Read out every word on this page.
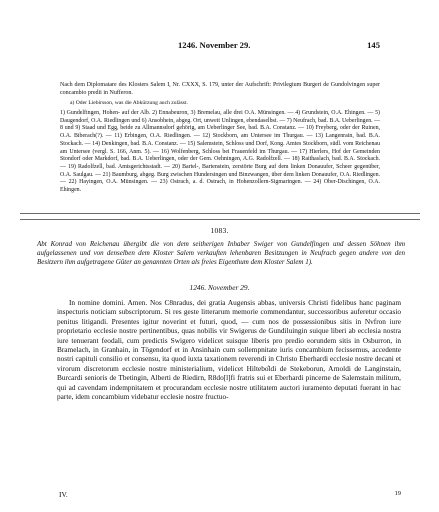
1246. November 29.	145
Nach dem Diplomatare des Klosters Salem I, Nr. CXXX, S. 179, unter der Aufschrift: Privilegium Burgeri de Gundolvingen super concambio predii in Nufferon.
a) Oder Liebirsson, was die Abkürzung auch zulässt.
1) Gundelfingen, Hohen- auf der Alb. 2) Ennabeuron, 3) Bremelau, alle drei O.A. Münsingen. — 4) Grundstein, O.A. Ehingen. — 5) Daugendorf, O.A. Riedlingen und 6) Ansobhein, abgeg. Ort, unweit Unlingen, ebendaselbst. — 7) Neufrach, bad. B.A. Ueberlingen. — 8 und 9) Staad und Egg, beide zu Allmannsdorf gehörig, am Ueberlinger See, bad. B.A. Constanz. — 10) Freyberg, oder der Ruinen, O.A. Biberach(?). — 11) Erbingen, O.A. Riedlingen. — 12) Stockborn, am Untersee im Thurgau. — 13) Langenrain, bad. B.A. Stockach. — 14) Denkingen, bad. B.A. Constanz. — 15) Salemstein, Schloss und Dorf, Kong. Amtes Stockborn, südl. vom Reichenau am Untersee (vergl. S. 166, Anm. 5). — 16) Wolfenberg, Schloss bei Frauenfeld im Thurgau. — 17) Hierlers, Hof der Gemeinden Stondorf oder Markdorf, bad. B.A. Ueberlingen, oder der Gem. Oehningen, A.G. Radolfzell. — 18) Raithaslach, bad. B.A. Stockach. — 19) Radolfzell, bad. Amtsgerichtsstadt. — 20) Bartel-, Bartenstein, zerstörte Burg auf dem linken Donauufer, Scheer gegenüber, O.A. Saulgau. — 21) Baumburg, abgeg. Burg zwischen Hundersingen und Binzwangen, über dem linken Donauufer, O.A. Riedlingen. — 22) Hayingen, O.A. Münsingen. — 23) Ostrach, a. d. Ostrach, in Hohenzollern-Sigmaringen. — 24) Ober-Dischingen, O.A. Ehingen.
1083.
Abt Konrad von Reichenau übergibt die von dem seitherigen Inhaber Swiger von Gundelfingen und dessen Söhnen ihm aufgelassenen und von denselben dem Kloster Salem verkauften lehenbaren Besitzungen in Neufrach gegen andere von den Besitzern ihm aufgetragene Güter an genannten Orten als freies Eigenthum dem Kloster Salem 1).
1246. November 29.

In nomine domini. Amen. Nos C8nradus, dei gratia Augensis abbas, universis Christi fidelibus hanc paginam inspecturis noticiam subscriptorum. Si res geste litterarum memorie commendantur, successoribus auferetur occasio penitus litigandi. Presentes igitur noverint et futuri, quod, — cum nos de possessionibus sitis in Nvfron iure proprietario ecclesie nostre pertinentibus, quas nobilis vir Swigerus de Gundiluingin suique liberi ab ecclesia nostra iure tenuerant feodali, cum predictis Swigero videlicet suisque liberis pro predio eorundem sitis in Osburron, in Bramelach, in Granhain, in Tögendorf et in Ansinhain cum sollempnitate iuris concambium fecissemus, accedente nostri capituli consilio et consensu, ita quod iuxta taxationem reverendi in Christo Eberhardi ecclesie nostre decani et virorum discretorum ecclesie nostre ministerialium, videlicet Hiltebo̊ldi de Stekeborun, Arnoldi de Langinstain, Burcardi senioris de Tbetingin, Alberti de Riedirn, R8do[l]fi fratris sui et Eberhardi pincerne de Salemstain militum, qui ad cavendam indempnitatem et procurandam ecclesie nostre utilitatem auctori iuramento deputati fuerant in hac parte, idem concambium videbatur ecclesie nostre fructuo-

IV.	19
